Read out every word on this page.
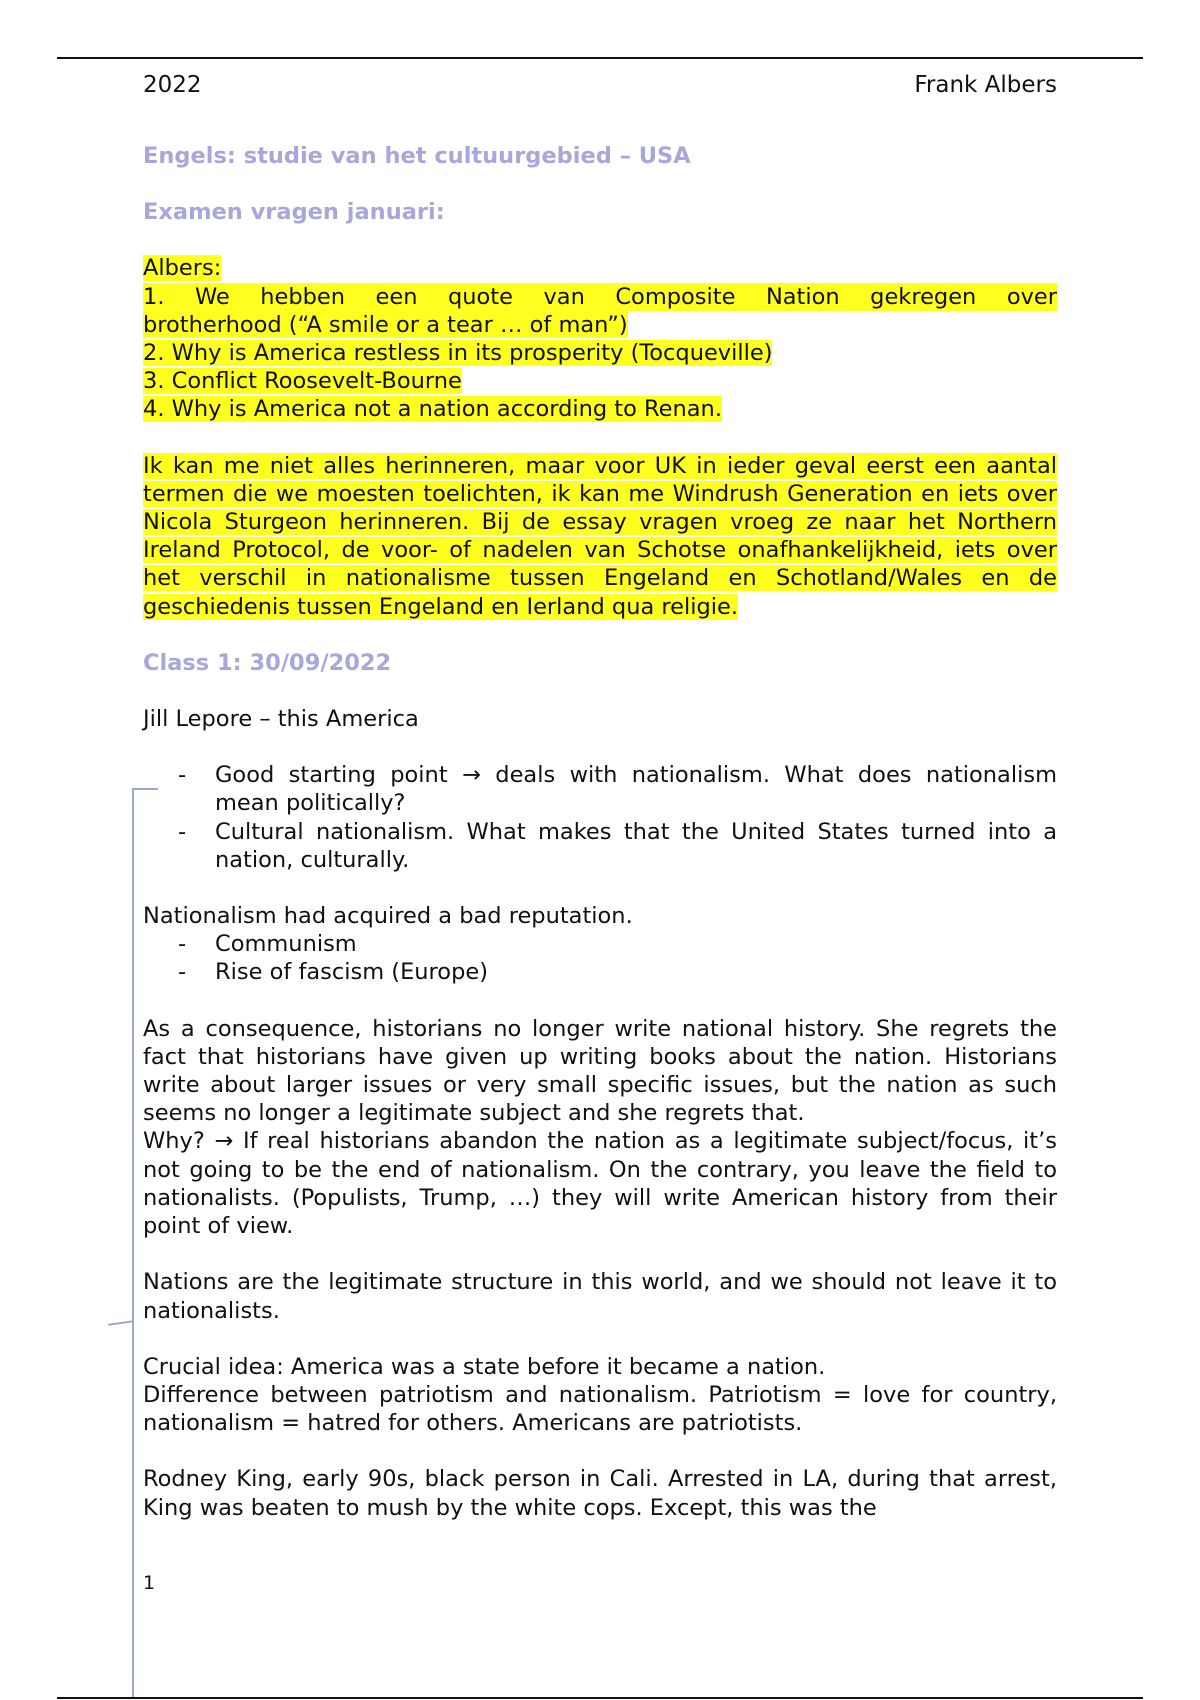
2022	Frank Albers

Engels: studie van het cultuurgebied – USA

Examen vragen januari:

Albers:
1. We hebben een quote van Composite Nation gekregen over
brotherhood (“A smile or a tear … of man”)
2. Why is America restless in its prosperity (Tocqueville)
3. Conflict Roosevelt-Bourne
4. Why is America not a nation according to Renan.

Ik kan me niet alles herinneren, maar voor UK in ieder geval eerst een aantal termen die we moesten toelichten, ik kan me Windrush Generation en iets over Nicola Sturgeon herinneren. Bij de essay vragen vroeg ze naar het Northern Ireland Protocol, de voor- of nadelen van Schotse onafhankelijkheid, iets over het verschil in nationalisme tussen Engeland en Schotland/Wales en de geschiedenis tussen Engeland en Ierland qua religie.

Class 1: 30/09/2022

Jill Lepore – this America

- Good starting point → deals with nationalism. What does nationalism mean politically?
- Cultural nationalism. What makes that the United States turned into a nation, culturally.

Nationalism had acquired a bad reputation.

- Communism
- Rise of fascism (Europe)

As a consequence, historians no longer write national history. She regrets the fact that historians have given up writing books about the nation. Historians write about larger issues or very small specific issues, but the nation as such seems no longer a legitimate subject and she regrets that.

Why? → If real historians abandon the nation as a legitimate subject/focus, it’s not going to be the end of nationalism. On the contrary, you leave the field to nationalists. (Populists, Trump, …) they will write American history from their point of view.

Nations are the legitimate structure in this world, and we should not leave it to nationalists.

Crucial idea: America was a state before it became a nation.

Difference between patriotism and nationalism. Patriotism = love for country, nationalism = hatred for others. Americans are patriotists.

Rodney King, early 90s, black person in Cali. Arrested in LA, during that arrest, King was beaten to mush by the white cops. Except, this was the

1
